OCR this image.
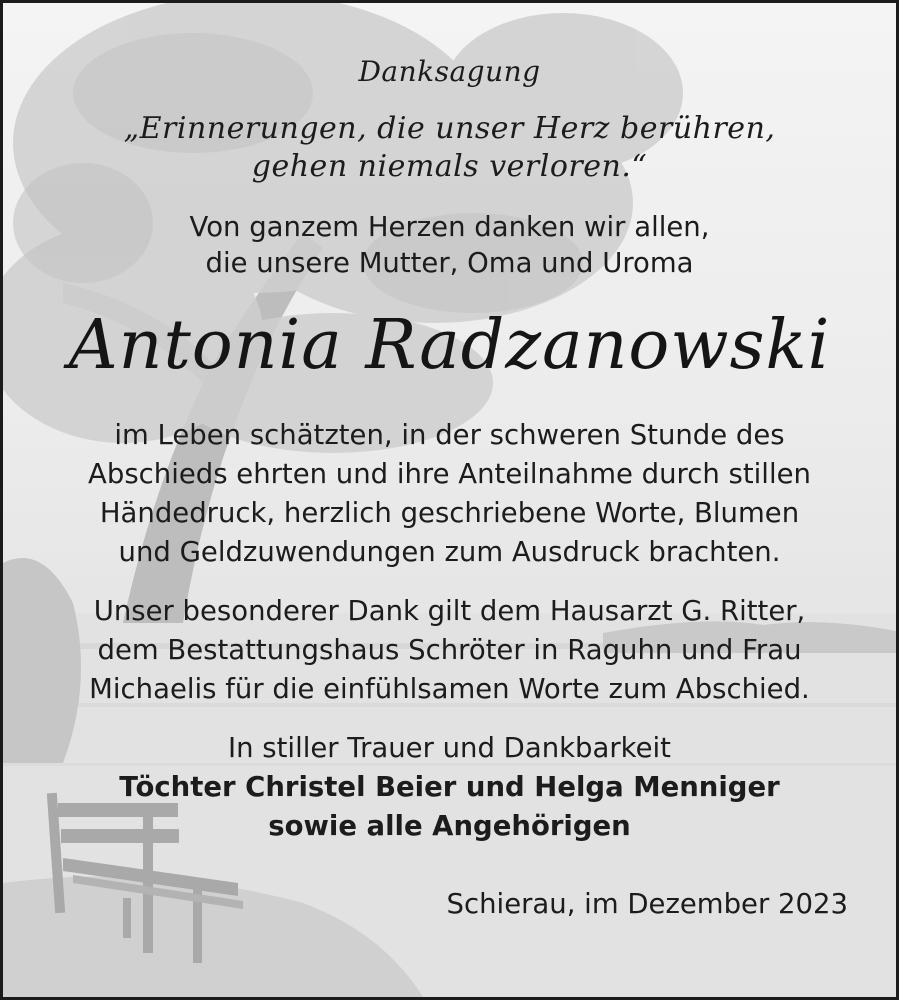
Danksagung
„Erinnerungen, die unser Herz berühren,
gehen niemals verloren.“
Von ganzem Herzen danken wir allen,
die unsere Mutter, Oma und Uroma
Antonia Radzanowski
im Leben schätzten, in der schweren Stunde des
Abschieds ehrten und ihre Anteilnahme durch stillen
Händedruck, herzlich geschriebene Worte, Blumen
und Geldzuwendungen zum Ausdruck brachten.
Unser besonderer Dank gilt dem Hausarzt G. Ritter,
dem Bestattungshaus Schröter in Raguhn und Frau
Michaelis für die einfühlsamen Worte zum Abschied.
In stiller Trauer und Dankbarkeit
Töchter Christel Beier und Helga Menniger
sowie alle Angehörigen
Schierau, im Dezember 2023
